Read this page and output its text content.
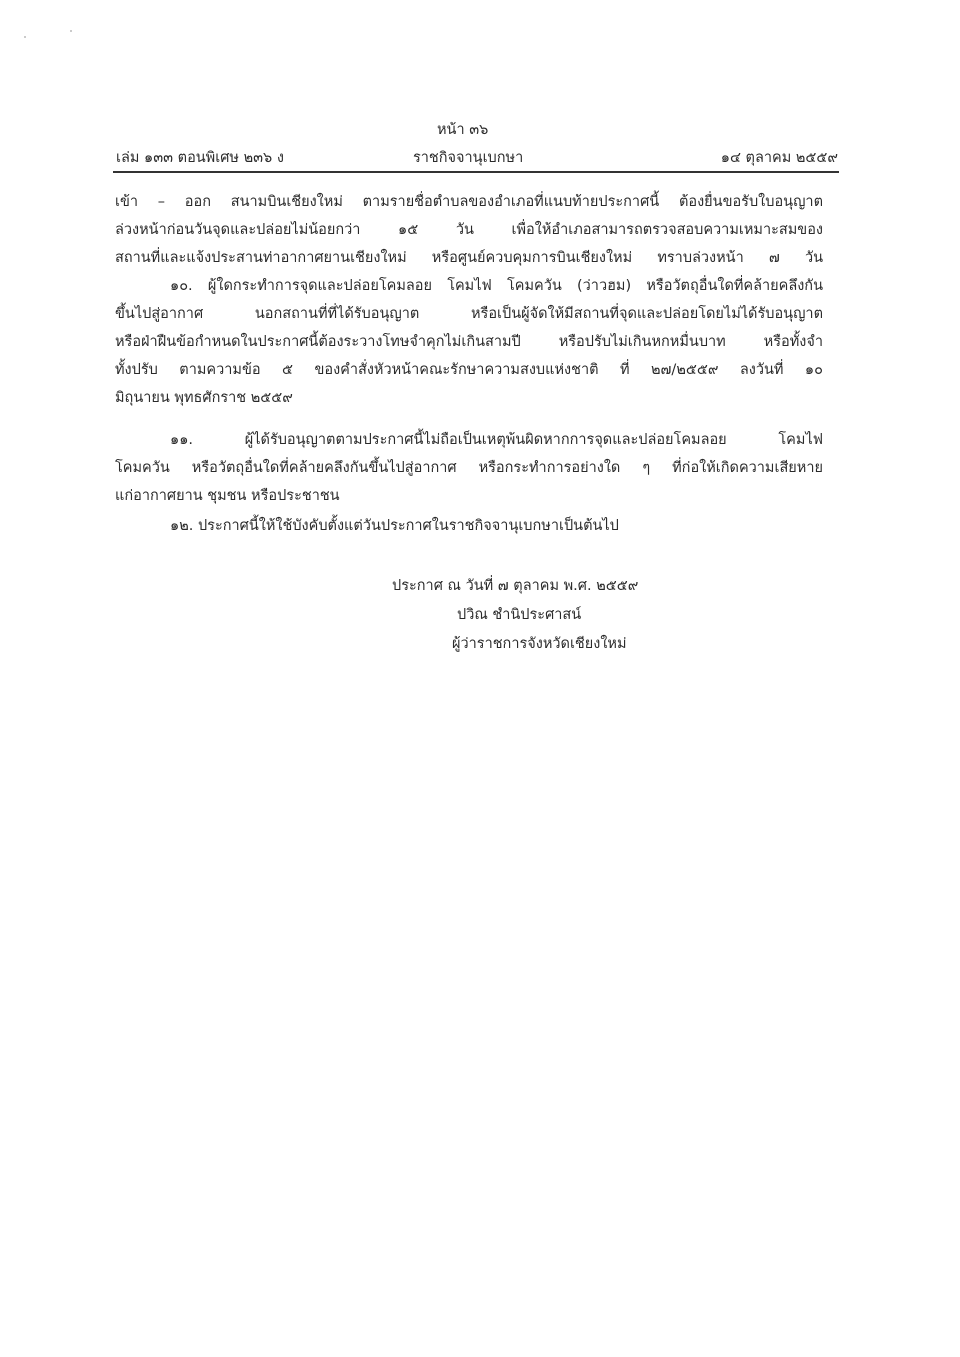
หน้า ๓๖
เล่ม ๑๓๓ ตอนพิเศษ ๒๓๖ ง	ราชกิจจานุเบกษา	๑๔ ตุลาคม ๒๕๕๙
เข้า – ออก สนามบินเชียงใหม่ ตามรายชื่อตำบลของอำเภอที่แนบท้ายประกาศนี้ ต้องยื่นขอรับใบอนุญาต
ล่วงหน้าก่อนวันจุดและปล่อยไม่น้อยกว่า ๑๕ วัน เพื่อให้อำเภอสามารถตรวจสอบความเหมาะสมของ
สถานที่และแจ้งประสานท่าอากาศยานเชียงใหม่ หรือศูนย์ควบคุมการบินเชียงใหม่ ทราบล่วงหน้า ๗ วัน
๑๐. ผู้ใดกระทำการจุดและปล่อยโคมลอย โคมไฟ โคมควัน (ว่าวฮม) หรือวัตถุอื่นใดที่คล้ายคลึงกัน
ขึ้นไปสู่อากาศ นอกสถานที่ที่ได้รับอนุญาต หรือเป็นผู้จัดให้มีสถานที่จุดและปล่อยโดยไม่ได้รับอนุญาต
หรือฝ่าฝืนข้อกำหนดในประกาศนี้ต้องระวางโทษจำคุกไม่เกินสามปี หรือปรับไม่เกินหกหมื่นบาท หรือทั้งจำ
ทั้งปรับ ตามความข้อ ๕ ของคำสั่งหัวหน้าคณะรักษาความสงบแห่งชาติ ที่ ๒๗/๒๕๕๙ ลงวันที่ ๑๐
มิถุนายน พุทธศักราช ๒๕๕๙
๑๑. ผู้ได้รับอนุญาตตามประกาศนี้ไม่ถือเป็นเหตุพ้นผิดหากการจุดและปล่อยโคมลอย โคมไฟ
โคมควัน หรือวัตถุอื่นใดที่คล้ายคลึงกันขึ้นไปสู่อากาศ หรือกระทำการอย่างใด ๆ ที่ก่อให้เกิดความเสียหาย
แก่อากาศยาน ชุมชน หรือประชาชน
๑๒. ประกาศนี้ให้ใช้บังคับตั้งแต่วันประกาศในราชกิจจานุเบกษาเป็นต้นไป
ประกาศ ณ วันที่ ๗ ตุลาคม พ.ศ. ๒๕๕๙
ปวิณ ชำนิประศาสน์
ผู้ว่าราชการจังหวัดเชียงใหม่
